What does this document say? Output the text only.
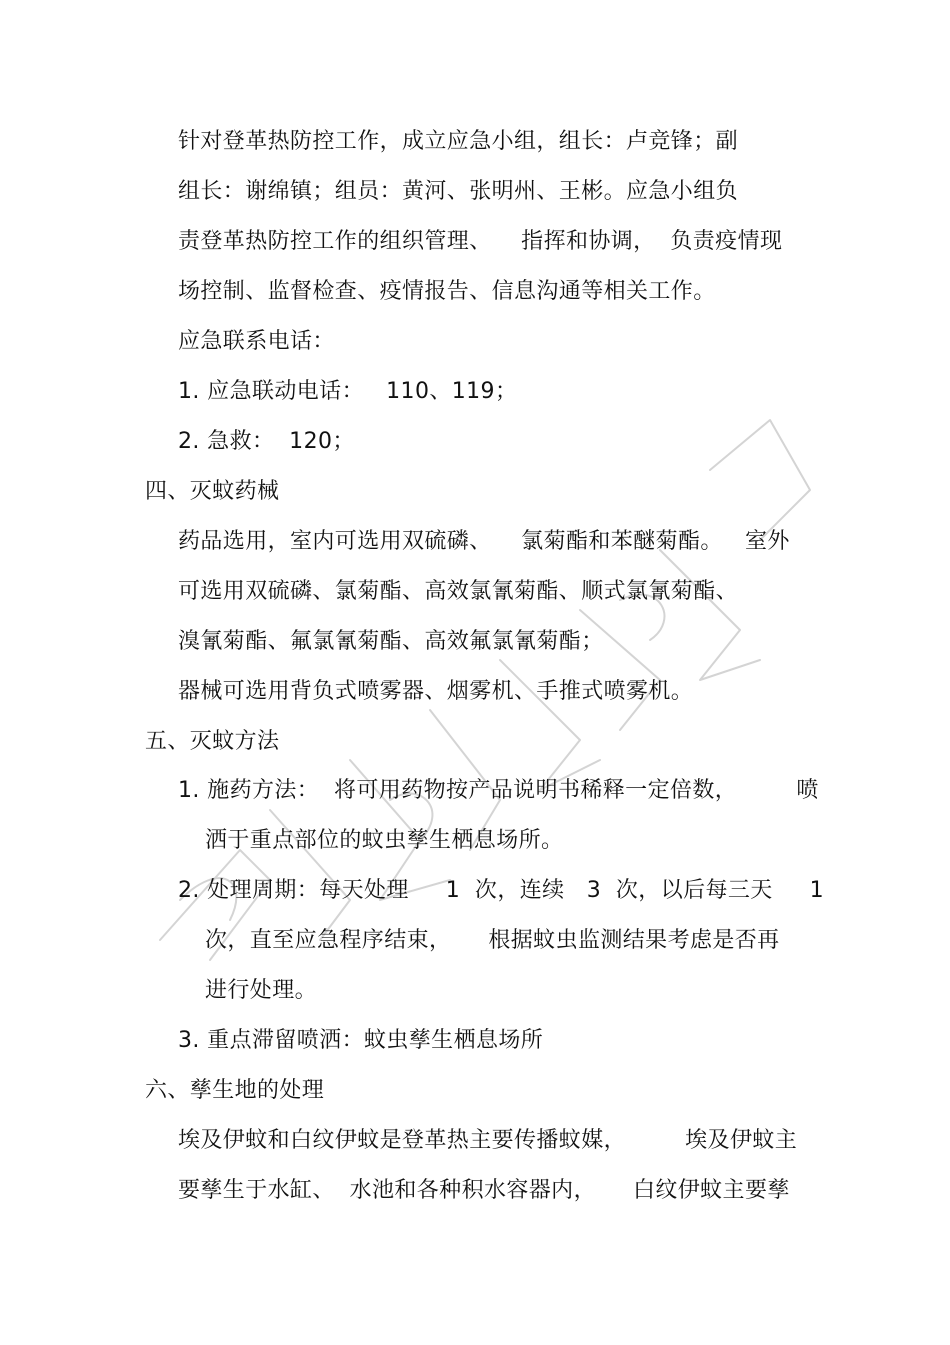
针对登革热防控工作，成立应急小组，组长：卢竞锋；副
组长：谢绵镇；组员：黄河、张明州、王彬。应急小组负
责登革热防控工作的组织管理、    指挥和协调，  负责疫情现
场控制、监督检查、疫情报告、信息沟通等相关工作。
应急联系电话：
1. 应急联动电话：   110、119；
2. 急救：  120；
四、灭蚊药械
药品选用，室内可选用双硫磷、    氯菊酯和苯醚菊酯。   室外
可选用双硫磷、氯菊酯、高效氯氰菊酯、顺式氯氰菊酯、
溴氰菊酯、氟氯氰菊酯、高效氟氯氰菊酯；
器械可选用背负式喷雾器、烟雾机、手推式喷雾机。
五、灭蚊方法
1. 施药方法：  将可用药物按产品说明书稀释一定倍数，        喷
洒于重点部位的蚊虫孳生栖息场所。
2. 处理周期：每天处理     1  次，连续   3  次，以后每三天     1
次，直至应急程序结束，     根据蚊虫监测结果考虑是否再
进行处理。
3. 重点滞留喷洒：蚊虫孳生栖息场所
六、孳生地的处理
埃及伊蚊和白纹伊蚊是登革热主要传播蚊媒，        埃及伊蚊主
要孳生于水缸、  水池和各种积水容器内，     白纹伊蚊主要孳
